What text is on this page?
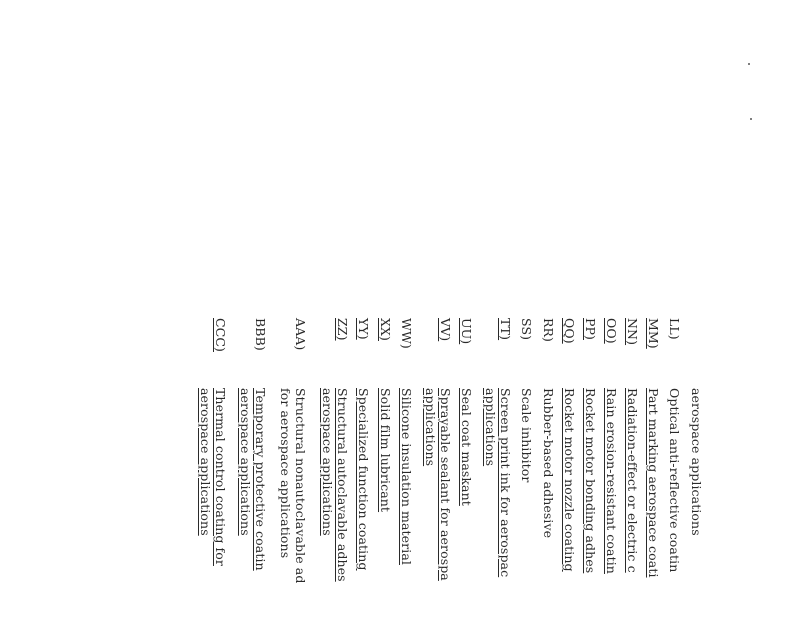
aerospace applications
LL)
Optical anti-reflective coatin
MM)
Part marking aerospace coati
NN)
Radiation-effect or electric c
OO)
Rain erosion-resistant coatin
PP)
Rocket motor bonding adhes
QQ)
Rocket motor nozzle coating
RR)
Rubber-based adhesive
SS)
Scale inhibitor
TT)
Screen print ink for aerospac
applications
UU)
Seal coat maskant
VV)
Sprayable sealant for aerospa
applications
WW)
Silicone insulation material
XX)
Solid film lubricant
YY)
Specialized function coating
ZZ)
Structural autoclavable adhes
aerospace applications
AAA)
Structural nonautoclavable ad
for aerospace applications
BBB)
Temporary protective coatin
aerospace applications
CCC)
Thermal control coating for
aerospace applications
